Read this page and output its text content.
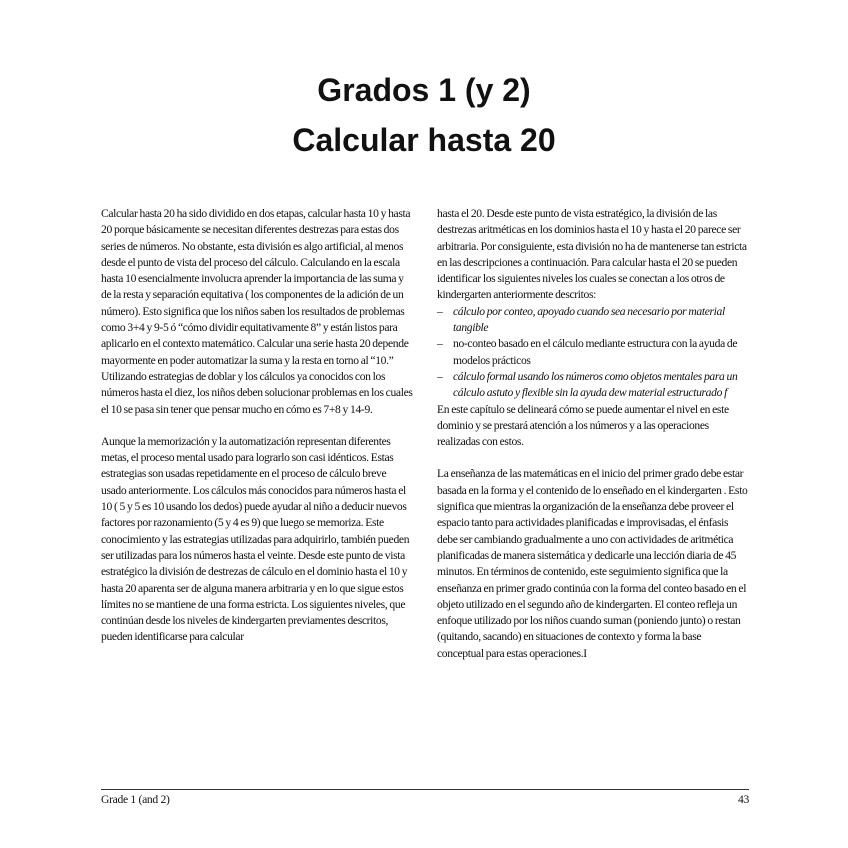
Grados 1 (y 2)
Calcular hasta 20

Calcular hasta 20 ha sido dividido en dos etapas, calcular hasta 10 y hasta 20 porque básicamente se necesitan diferentes destrezas para estas dos series de números. No obstante, esta división es algo artificial, al menos desde el punto de vista del proceso del cálculo. Calculando en la escala hasta 10 esencialmente involucra aprender la importancia de las suma y de la resta y separación equitativa ( los componentes de la adición de un número). Esto significa que los niños saben los resultados de problemas como 3+4 y 9-5 ó “cómo dividir equitativamente 8” y están listos para aplicarlo en el contexto matemático. Calcular una serie hasta 20 depende mayormente en poder automatizar la suma y la resta en torno al “10.” Utilizando estrategias de doblar y los cálculos ya conocidos con los números hasta el diez, los niños deben solucionar problemas en los cuales el 10 se pasa sin tener que pensar mucho en cómo es 7+8 y 14-9.

Aunque la memorización y la automatización representan diferentes metas, el proceso mental usado para lograrlo son casi idénticos. Estas estrategias son usadas repetidamente en el proceso de cálculo breve usado anteriormente. Los cálculos más conocidos para números hasta el 10 ( 5 y 5 es 10 usando los dedos) puede ayudar al niño a deducir nuevos factores por razonamiento (5 y 4 es 9) que luego se memoriza. Este conocimiento y las estrategias utilizadas para adquirirlo, también pueden ser utilizadas para los números hasta el veinte. Desde este punto de vista estratégico la división de destrezas de cálculo en el dominio hasta el 10 y hasta 20 aparenta ser de alguna manera arbitraria y en lo que sigue estos límites no se mantiene de una forma estricta. Los siguientes niveles, que continúan desde los niveles de kindergarten previamentes descritos, pueden identificarse para calcular

hasta el 20. Desde este punto de vista estratégico, la división de las destrezas aritméticas en los dominios hasta el 10 y hasta el 20 parece ser arbitraria. Por consiguiente, esta división no ha de mantenerse tan estricta en las descripciones a continuación. Para calcular hasta el 20 se pueden identificar los siguientes niveles los cuales se conectan a los otros de kindergarten anteriormente descritos:

– cálculo por conteo, apoyado cuando sea necesario por material tangible
– no-conteo basado en el cálculo mediante estructura con la ayuda de modelos prácticos
– cálculo formal usando los números como objetos mentales para un cálculo astuto y flexible sin la ayuda dew material estructurado f

En este capítulo se delineará cómo se puede aumentar el nivel en este dominio y se prestará atención a los números y a las operaciones realizadas con estos.

La enseñanza de las matemáticas en el inicio del primer grado debe estar basada en la forma y el contenido de lo enseñado en el kindergarten . Esto significa que mientras la organización de la enseñanza debe proveer el espacio tanto para actividades planificadas e improvisadas, el énfasis debe ser cambiando gradualmente a uno con actividades de aritmética planificadas de manera sistemática y dedicarle una lección diaria de 45 minutos. En términos de contenido, este seguimiento significa que la enseñanza en primer grado continúa con la forma del conteo basado en el objeto utilizado en el segundo año de kindergarten. El conteo refleja un enfoque utilizado por los niños cuando suman (poniendo junto) o restan (quitando, sacando) en situaciones de contexto y forma la base conceptual para estas operaciones.I

Grade 1 (and 2)	43
